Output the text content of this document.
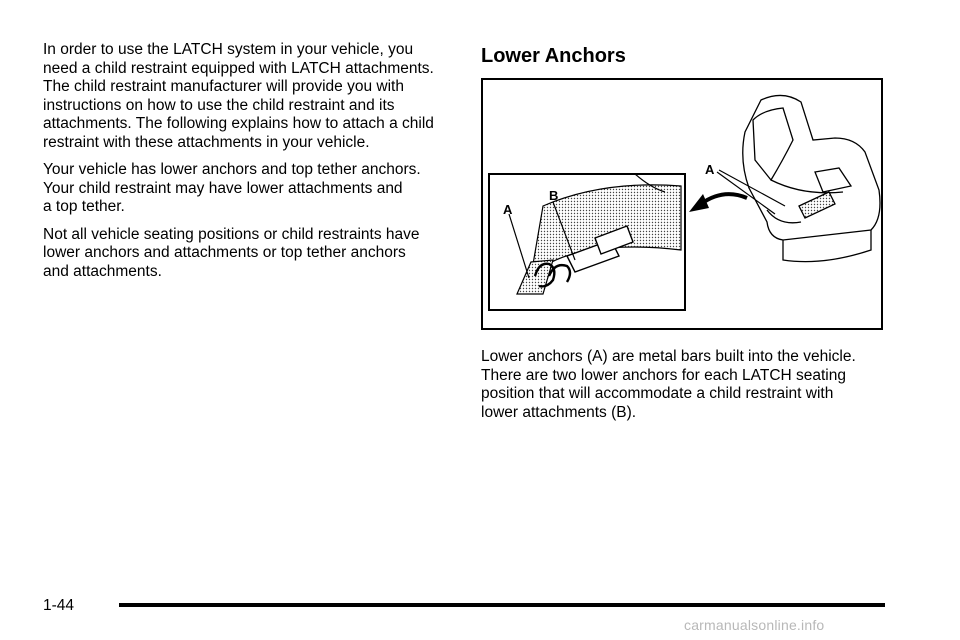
In order to use the LATCH system in your vehicle, you
need a child restraint equipped with LATCH attachments.
The child restraint manufacturer will provide you with
instructions on how to use the child restraint and its
attachments. The following explains how to attach a child
restraint with these attachments in your vehicle.

Your vehicle has lower anchors and top tether anchors.
Your child restraint may have lower attachments and
a top tether.

Not all vehicle seating positions or child restraints have
lower anchors and attachments or top tether anchors
and attachments.

Lower Anchors
A
A
B

Lower anchors (A) are metal bars built into the vehicle.
There are two lower anchors for each LATCH seating
position that will accommodate a child restraint with
lower attachments (B).

1-44
carmanualsonline.info
